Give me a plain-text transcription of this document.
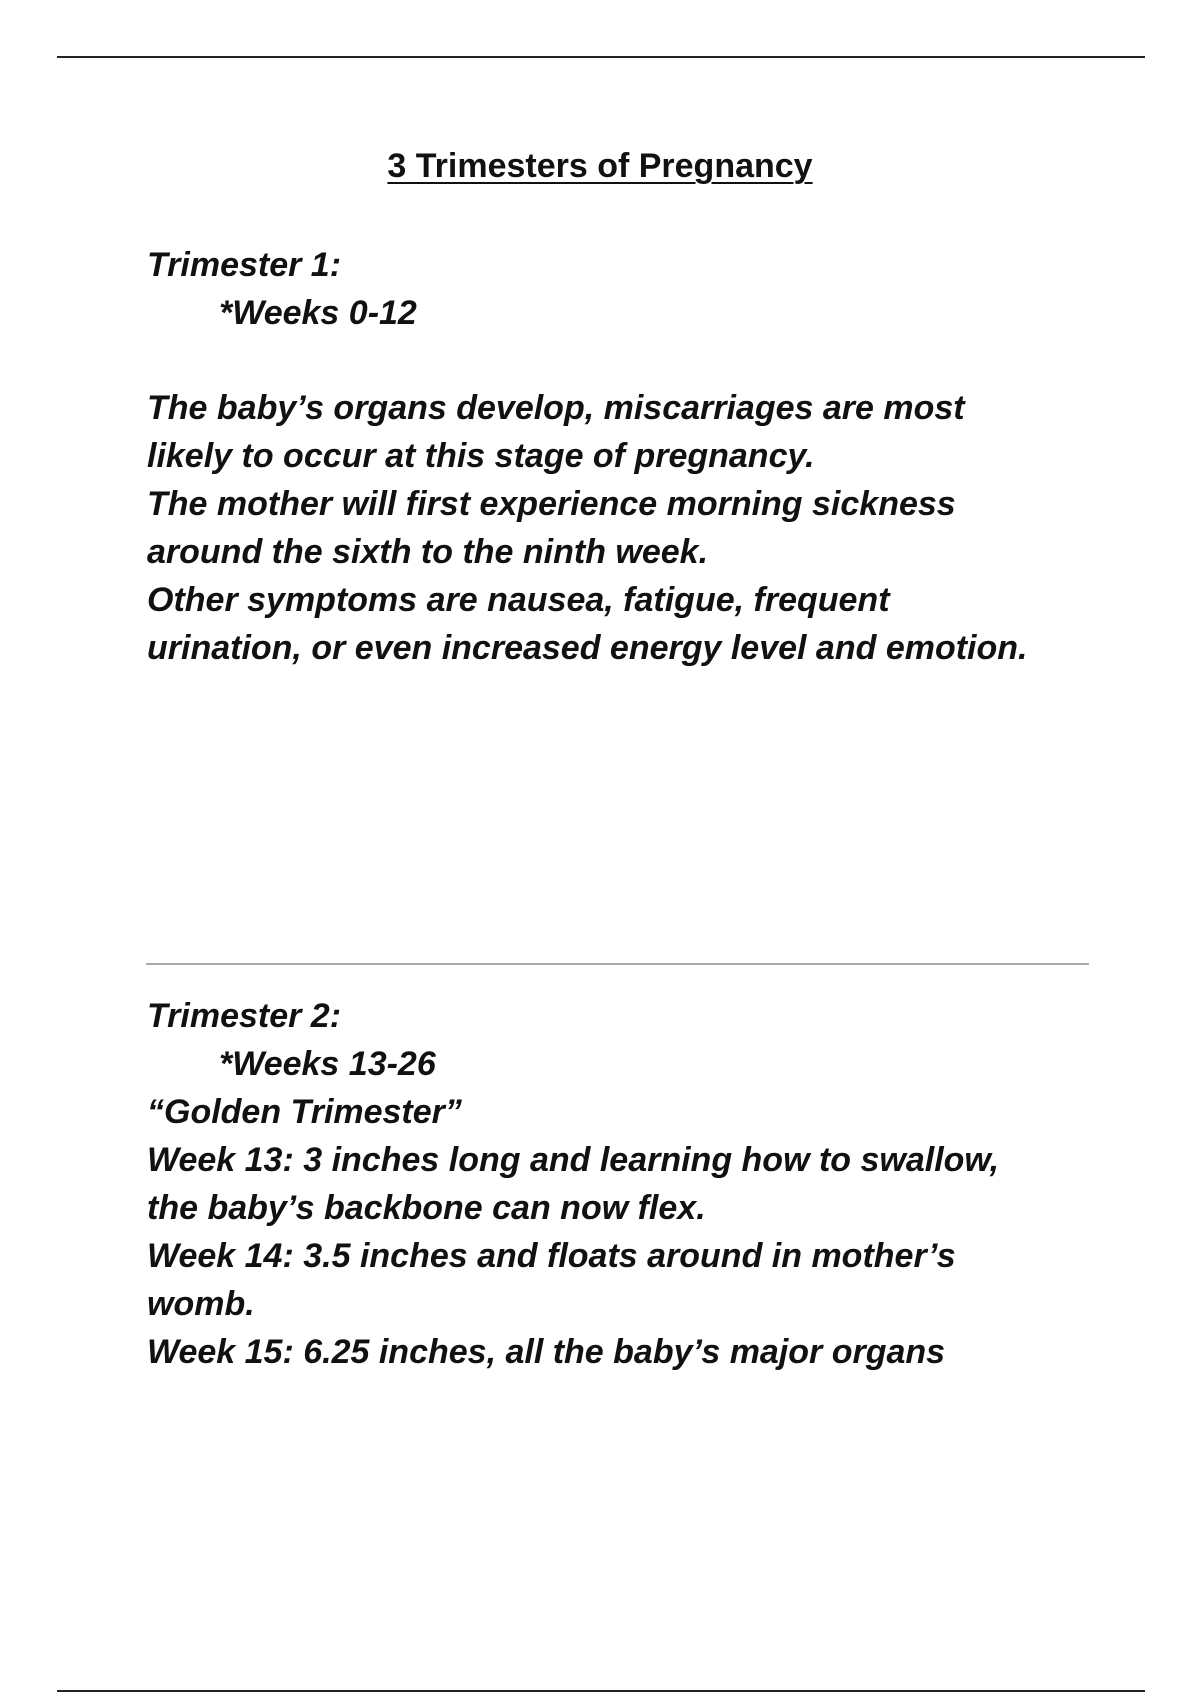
3 Trimesters of Pregnancy

Trimester 1:

*Weeks 0-12

The baby’s organs develop, miscarriages are most

likely to occur at this stage of pregnancy.

The mother will first experience morning sickness

around the sixth to the ninth week.

Other symptoms are nausea, fatigue, frequent

urination, or even increased energy level and emotion.

Trimester 2:

*Weeks 13-26

“Golden Trimester”

Week 13: 3 inches long and learning how to swallow,

the baby’s backbone can now flex.

Week 14: 3.5 inches and floats around in mother’s

womb.

Week 15: 6.25 inches, all the baby’s major organs
